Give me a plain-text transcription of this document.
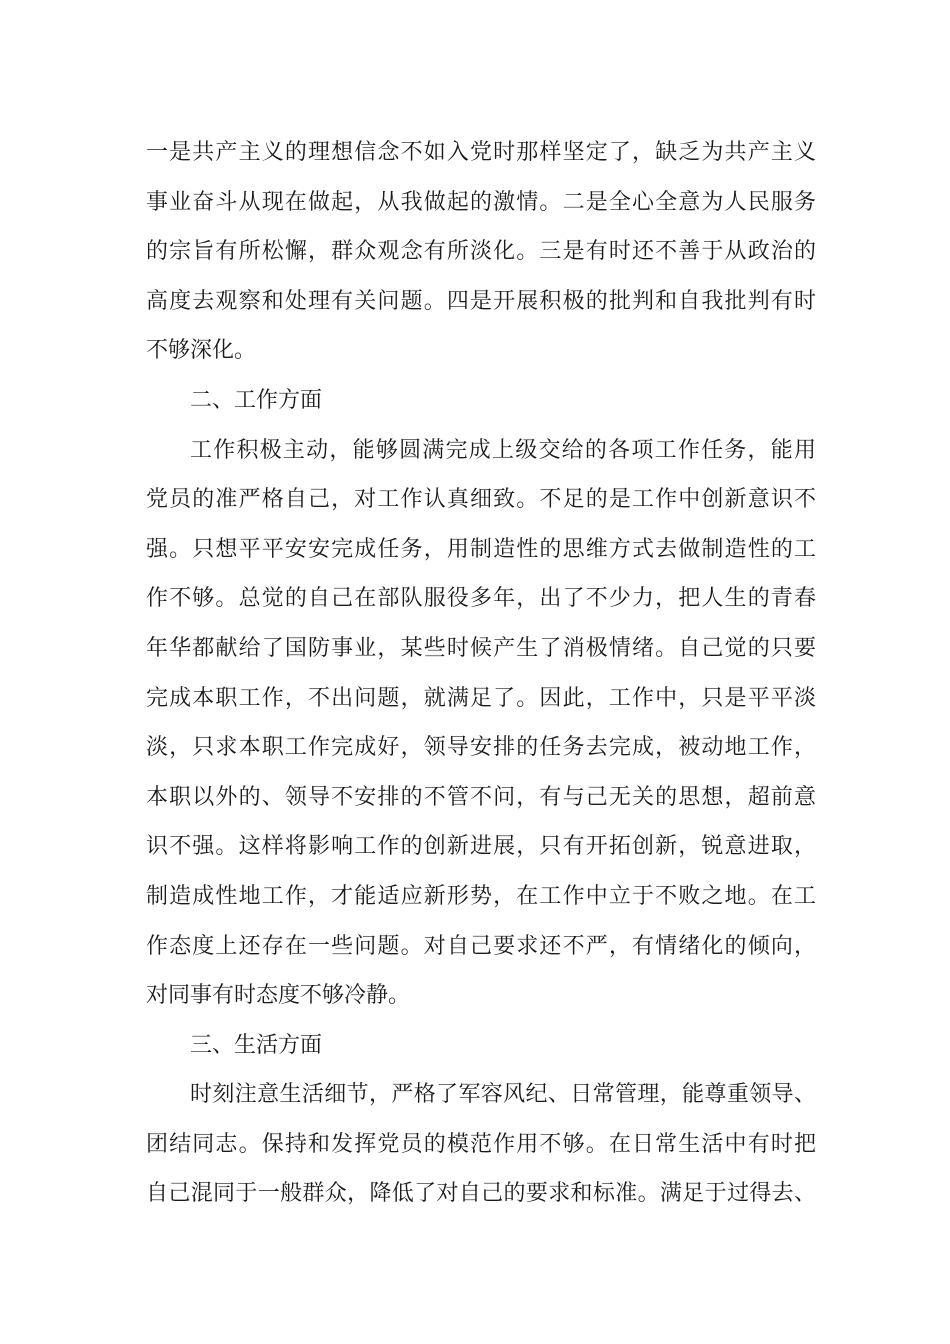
一是共产主义的理想信念不如入党时那样坚定了，缺乏为共产主义
事业奋斗从现在做起，从我做起的激情。二是全心全意为人民服务
的宗旨有所松懈，群众观念有所淡化。三是有时还不善于从政治的
高度去观察和处理有关问题。四是开展积极的批判和自我批判有时
不够深化。
二、工作方面
工作积极主动，能够圆满完成上级交给的各项工作任务，能用
党员的准严格自己，对工作认真细致。不足的是工作中创新意识不
强。只想平平安安完成任务，用制造性的思维方式去做制造性的工
作不够。总觉的自己在部队服役多年，出了不少力，把人生的青春
年华都献给了国防事业，某些时候产生了消极情绪。自己觉的只要
完成本职工作，不出问题，就满足了。因此，工作中，只是平平淡
淡，只求本职工作完成好，领导安排的任务去完成，被动地工作，
本职以外的、领导不安排的不管不问，有与己无关的思想，超前意
识不强。这样将影响工作的创新进展，只有开拓创新，锐意进取，
制造成性地工作，才能适应新形势，在工作中立于不败之地。在工
作态度上还存在一些问题。对自己要求还不严，有情绪化的倾向，
对同事有时态度不够冷静。
三、生活方面
时刻注意生活细节，严格了军容风纪、日常管理，能尊重领导、
团结同志。保持和发挥党员的模范作用不够。在日常生活中有时把
自己混同于一般群众，降低了对自己的要求和标准。满足于过得去、
